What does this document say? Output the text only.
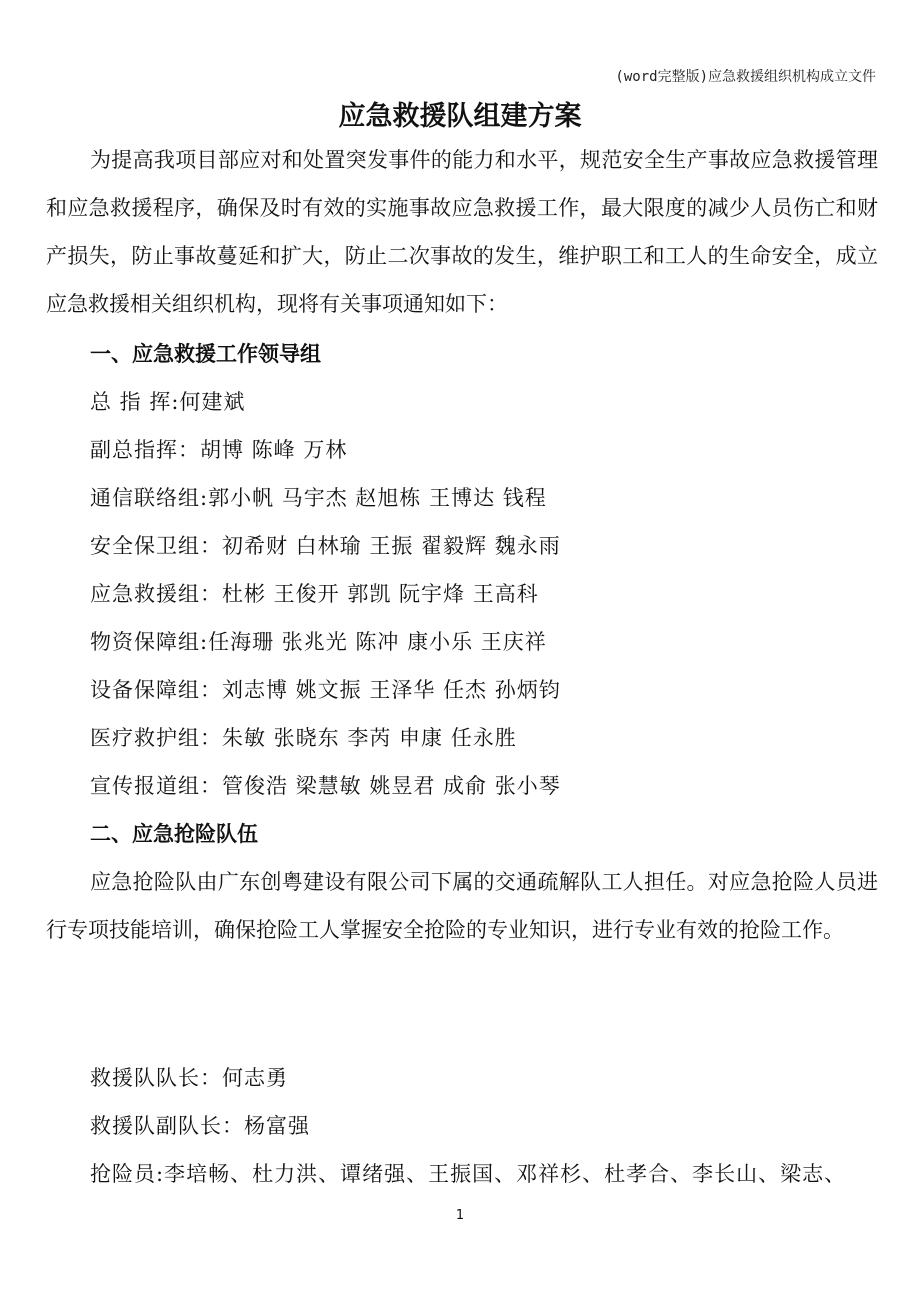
(word完整版)应急救援组织机构成立文件
应急救援队组建方案
为提高我项目部应对和处置突发事件的能力和水平，规范安全生产事故应急救援管理和应急救援程序，确保及时有效的实施事故应急救援工作，最大限度的减少人员伤亡和财产损失，防止事故蔓延和扩大，防止二次事故的发生，维护职工和工人的生命安全，成立应急救援相关组织机构，现将有关事项通知如下：
一、应急救援工作领导组
总 指 挥:何建斌
副总指挥：胡博 陈峰 万林
通信联络组:郭小帆 马宇杰 赵旭栋 王博达 钱程
安全保卫组：初希财 白林瑜 王振 翟毅辉 魏永雨
应急救援组：杜彬 王俊开 郭凯 阮宇烽 王高科
物资保障组:任海珊 张兆光 陈冲 康小乐 王庆祥
设备保障组：刘志博 姚文振 王泽华 任杰 孙炳钧
医疗救护组：朱敏 张晓东 李芮 申康 任永胜
宣传报道组：管俊浩 梁慧敏 姚昱君 成俞 张小琴
二、应急抢险队伍
应急抢险队由广东创粤建设有限公司下属的交通疏解队工人担任。对应急抢险人员进行专项技能培训，确保抢险工人掌握安全抢险的专业知识，进行专业有效的抢险工作。
救援队队长：何志勇
救援队副队长：杨富强
抢险员:李培畅、杜力洪、谭绪强、王振国、邓祥杉、杜孝合、李长山、梁志、
1
